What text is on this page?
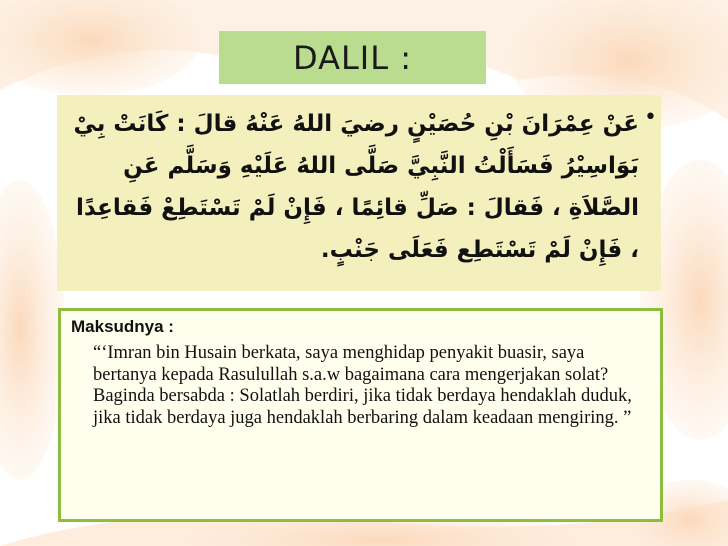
DALIL :
•
عَنْ عِمْرَانَ بْنِ حُصَيْنٍ رضيَ اللهُ عَنْهُ قالَ : كَانَتْ بِيْ بَوَاسِيْرُ فَسَأَلْتُ النَّبِيَّ صَلَّى اللهُ عَلَيْهِ وَسَلَّم عَنِ الصَّلاَةِ ، فَقالَ : صَلِّ قائِمًا ، فَإِنْ لَمْ تَسْتَطِعْ فَقاعِدًا ، فَإِنْ لَمْ تَسْتَطِع فَعَلَى جَنْبٍ.
Maksudnya :
“‘Imran bin Husain berkata, saya menghidap penyakit buasir, saya bertanya kepada Rasulullah s.a.w bagaimana cara mengerjakan solat? Baginda bersabda : Solatlah berdiri, jika tidak berdaya hendaklah duduk, jika tidak berdaya juga hendaklah berbaring dalam keadaan mengiring. ”
